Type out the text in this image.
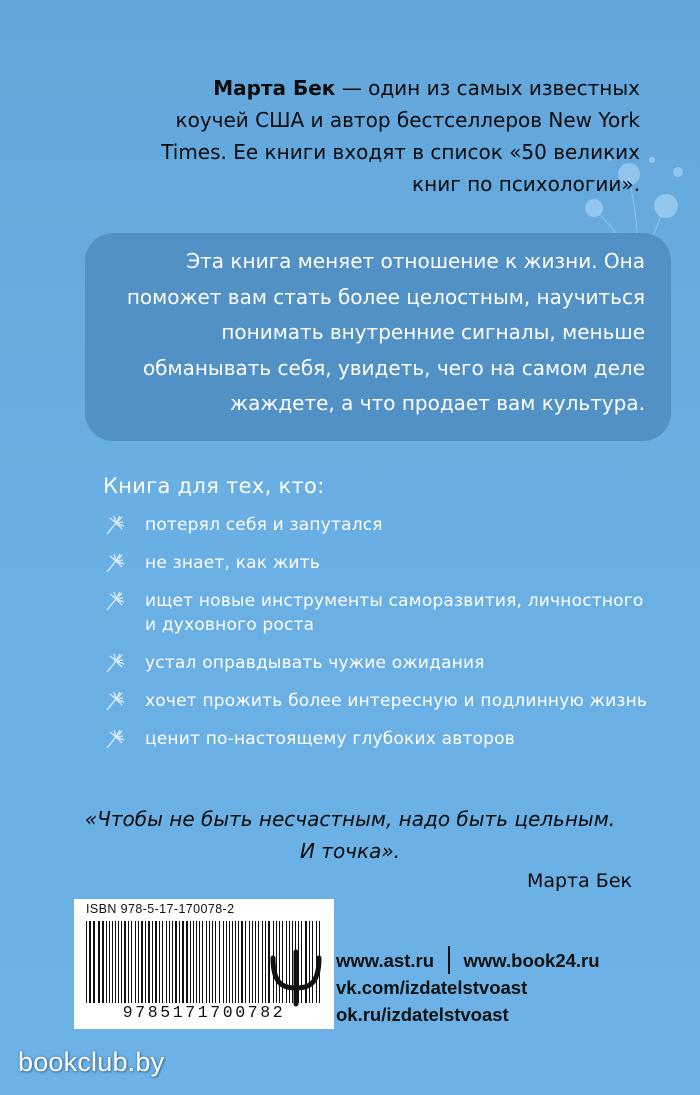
Марта Бек — один из самых известных
коучей США и автор бестселлеров New York
Times. Ее книги входят в список «50 великих
книг по психологии».
Эта книга меняет отношение к жизни. Она
поможет вам стать более целостным, научиться
понимать внутренние сигналы, меньше
обманывать себя, увидеть, чего на самом деле
жаждете, а что продает вам культура.
Книга для тех, кто:
потерял себя и запутался
не знает, как жить
ищет новые инструменты саморазвития, личностного и духовного роста
устал оправдывать чужие ожидания
хочет прожить более интересную и подлинную жизнь
ценит по-настоящему глубоких авторов
«Чтобы не быть несчастным, надо быть цельным.
И точка».
Марта Бек
ISBN 978-5-17-170078-2
9785171700782
www.ast.ru www.book24.ru
vk.com/izdatelstvoast
ok.ru/izdatelstvoast
bookclub.by
